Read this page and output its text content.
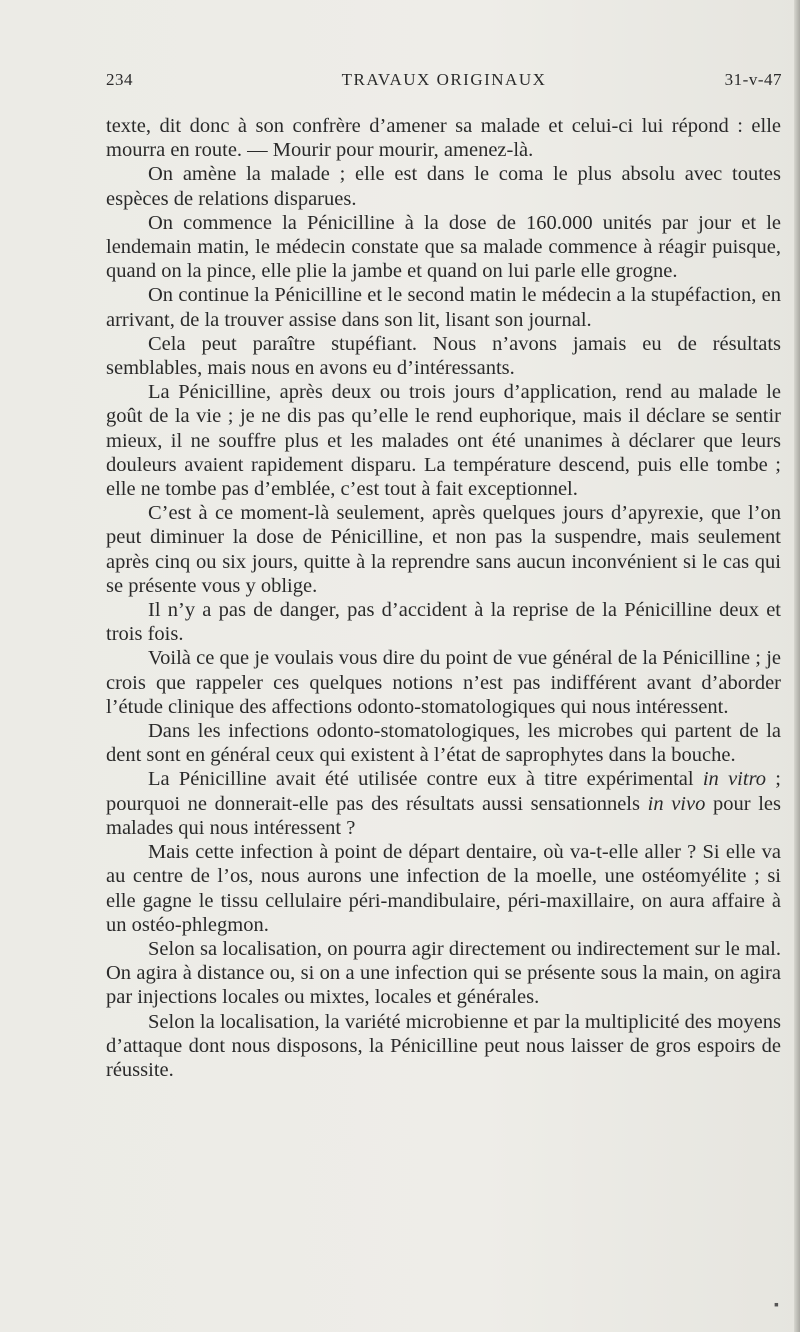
234	TRAVAUX ORIGINAUX	31-v-47

texte, dit donc à son confrère d’amener sa malade et celui-ci lui répond : elle mourra en route. — Mourir pour mourir, amenez-là.

On amène la malade ; elle est dans le coma le plus absolu avec toutes espèces de relations disparues.

On commence la Pénicilline à la dose de 160.000 unités par jour et le lendemain matin, le médecin constate que sa malade commence à réagir puisque, quand on la pince, elle plie la jambe et quand on lui parle elle grogne.

On continue la Pénicilline et le second matin le médecin a la stupéfaction, en arrivant, de la trouver assise dans son lit, lisant son journal.

Cela peut paraître stupéfiant. Nous n’avons jamais eu de résultats semblables, mais nous en avons eu d’intéressants.

La Pénicilline, après deux ou trois jours d’application, rend au malade le goût de la vie ; je ne dis pas qu’elle le rend euphorique, mais il déclare se sentir mieux, il ne souffre plus et les malades ont été unanimes à déclarer que leurs douleurs avaient rapidement disparu. La température descend, puis elle tombe ; elle ne tombe pas d’emblée, c’est tout à fait exceptionnel.

C’est à ce moment-là seulement, après quelques jours d’apyrexie, que l’on peut diminuer la dose de Pénicilline, et non pas la suspendre, mais seulement après cinq ou six jours, quitte à la reprendre sans aucun inconvénient si le cas qui se présente vous y oblige.

Il n’y a pas de danger, pas d’accident à la reprise de la Pénicilline deux et trois fois.

Voilà ce que je voulais vous dire du point de vue général de la Pénicilline ; je crois que rappeler ces quelques notions n’est pas indifférent avant d’aborder l’étude clinique des affections odonto-stomatologiques qui nous intéressent.

Dans les infections odonto-stomatologiques, les microbes qui partent de la dent sont en général ceux qui existent à l’état de saprophytes dans la bouche.

La Pénicilline avait été utilisée contre eux à titre expérimental in vitro ; pourquoi ne donnerait-elle pas des résultats aussi sensationnels in vivo pour les malades qui nous intéressent ?

Mais cette infection à point de départ dentaire, où va-t-elle aller ? Si elle va au centre de l’os, nous aurons une infection de la moelle, une ostéomyélite ; si elle gagne le tissu cellulaire péri-mandibulaire, péri-maxillaire, on aura affaire à un ostéo-phlegmon.

Selon sa localisation, on pourra agir directement ou indirectement sur le mal. On agira à distance ou, si on a une infection qui se présente sous la main, on agira par injections locales ou mixtes, locales et générales.

Selon la localisation, la variété microbienne et par la multiplicité des moyens d’attaque dont nous disposons, la Pénicilline peut nous laisser de gros espoirs de réussite.

▪
